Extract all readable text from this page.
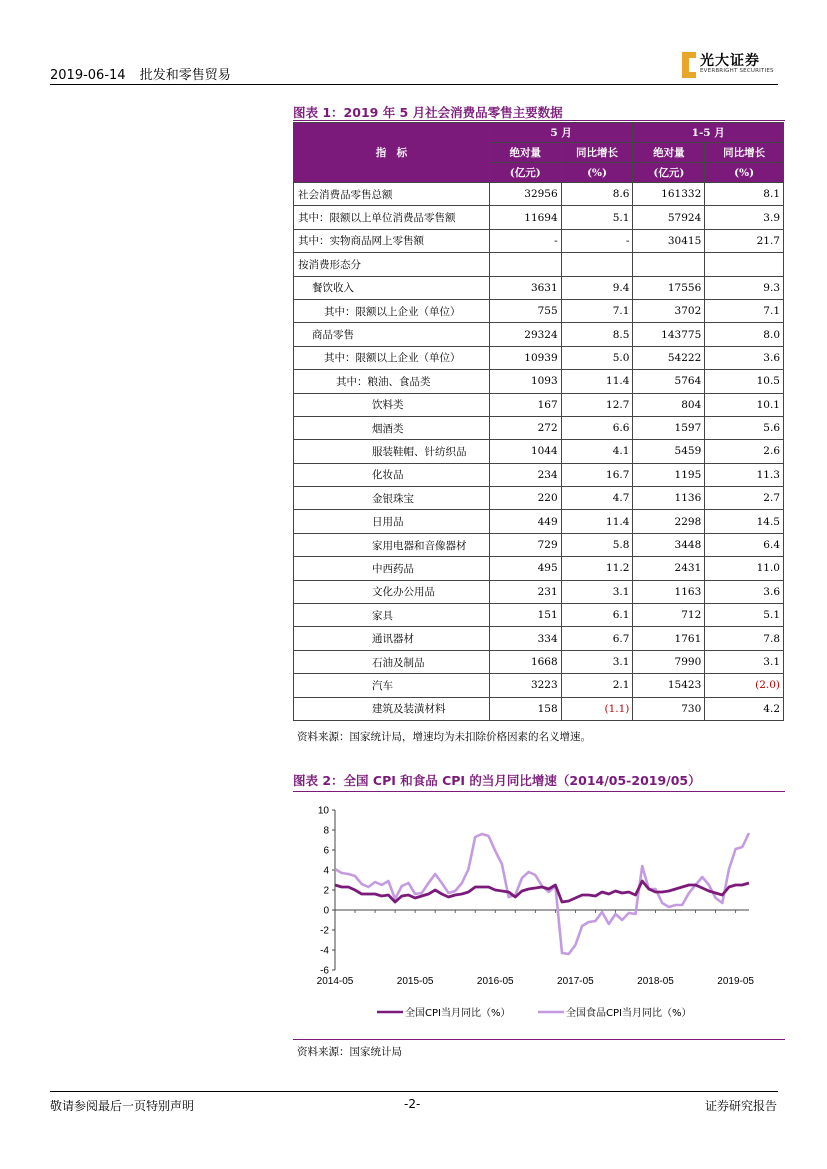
2019-06-14 批发和零售贸易
光大证券
EVERBRIGHT SECURITIES
图表 1：2019 年 5 月社会消费品零售主要数据
指　标	5 月		1-5 月	
	绝对量	同比增长	绝对量	同比增长
	(亿元)	(%)	(亿元)	(%)
社会消费品零售总额	32956	8.6	161332	8.1
其中：限额以上单位消费品零售额	11694	5.1	57924	3.9
其中：实物商品网上零售额	-	-	30415	21.7
按消费形态分				
餐饮收入	3631	9.4	17556	9.3
其中：限额以上企业（单位）	755	7.1	3702	7.1
商品零售	29324	8.5	143775	8.0
其中：限额以上企业（单位）	10939	5.0	54222	3.6
其中：粮油、食品类	1093	11.4	5764	10.5
饮料类	167	12.7	804	10.1
烟酒类	272	6.6	1597	5.6
服装鞋帽、针纺织品	1044	4.1	5459	2.6
化妆品	234	16.7	1195	11.3
金银珠宝	220	4.7	1136	2.7
日用品	449	11.4	2298	14.5
家用电器和音像器材	729	5.8	3448	6.4
中西药品	495	11.2	2431	11.0
文化办公用品	231	3.1	1163	3.6
家具	151	6.1	712	5.1
通讯器材	334	6.7	1761	7.8
石油及制品	1668	3.1	7990	3.1
汽车	3223	2.1	15423	(2.0)
建筑及装潢材料	158	(1.1)	730	4.2
资料来源：国家统计局，增速均为未扣除价格因素的名义增速。
图表 2：全国 CPI 和食品 CPI 的当月同比增速（2014/05-2019/05）
-6
-4
-2
0
2
4
6
8
10
2014-05	2015-05	2016-05	2017-05	2018-05	2019-05
全国CPI当月同比（%）	全国食品CPI当月同比（%）
资料来源：国家统计局
敬请参阅最后一页特别声明	-2-	证券研究报告
